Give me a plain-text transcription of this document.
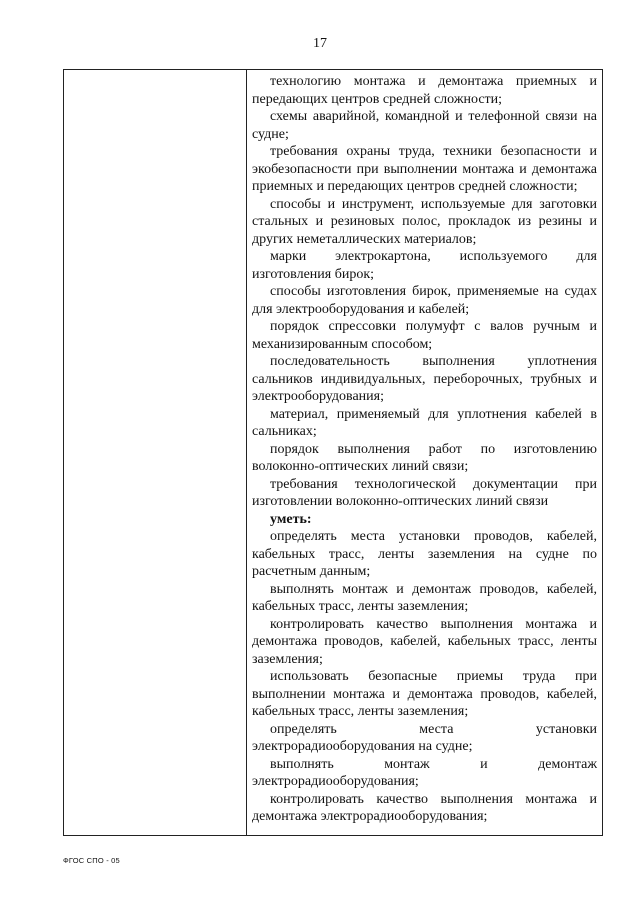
17

технологию монтажа и демонтажа приемных и передающих центров средней сложности;

схемы аварийной, командной и телефонной связи на судне;

требования охраны труда, техники безопасности и экобезопасности при выполнении монтажа и демонтажа приемных и передающих центров средней сложности;

способы и инструмент, используемые для заготовки стальных и резиновых полос, прокладок из резины и других неметаллических материалов;

марки электрокартона, используемого для изготовления бирок;

способы изготовления бирок, применяемые на судах для электрооборудования и кабелей;

порядок спрессовки полумуфт с валов ручным и механизированным способом;

последовательность выполнения уплотнения сальников индивидуальных, переборочных, трубных и электрооборудования;

материал, применяемый для уплотнения кабелей в сальниках;

порядок выполнения работ по изготовлению волоконно-оптических линий связи;

требования технологической документации при изготовлении волоконно-оптических линий связи

уметь:

определять места установки проводов, кабелей, кабельных трасс, ленты заземления на судне по расчетным данным;

выполнять монтаж и демонтаж проводов, кабелей, кабельных трасс, ленты заземления;

контролировать качество выполнения монтажа и демонтажа проводов, кабелей, кабельных трасс, ленты заземления;

использовать безопасные приемы труда при выполнении монтажа и демонтажа проводов, кабелей, кабельных трасс, ленты заземления;

определять места установки электрорадиооборудования на судне;

выполнять монтаж и демонтаж электрорадиооборудования;

контролировать качество выполнения монтажа и демонтажа электрорадиооборудования;

ФГОС СПО - 05
